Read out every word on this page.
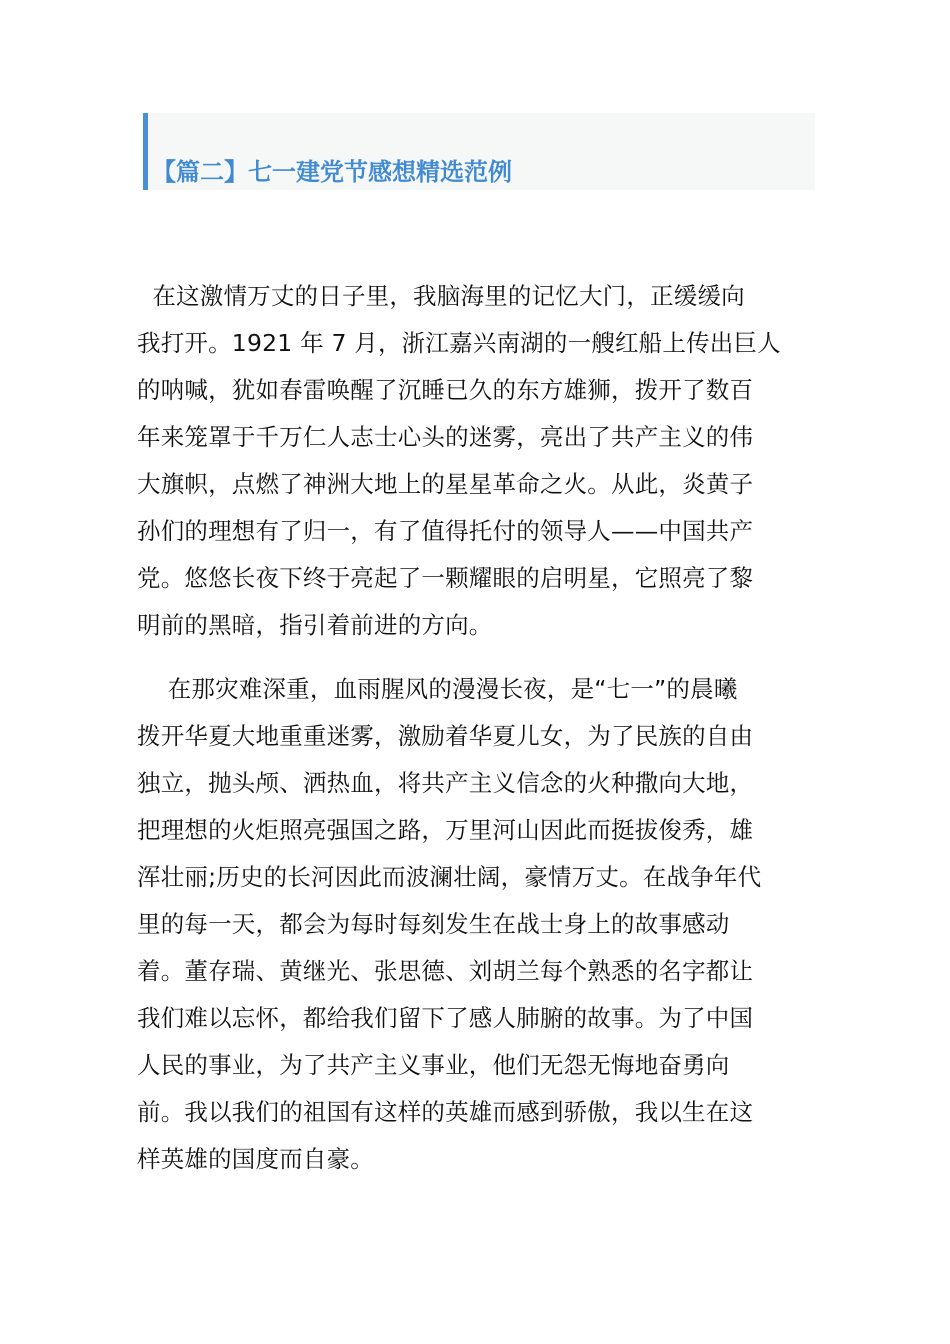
【篇二】七一建党节感想精选范例
在这激情万丈的日子里，我脑海里的记忆大门，正缓缓向
我打开。1921 年 7 月，浙江嘉兴南湖的一艘红船上传出巨人
的呐喊，犹如春雷唤醒了沉睡已久的东方雄狮，拨开了数百
年来笼罩于千万仁人志士心头的迷雾，亮出了共产主义的伟
大旗帜，点燃了神洲大地上的星星革命之火。从此，炎黄子
孙们的理想有了归一，有了值得托付的领导人——中国共产
党。悠悠长夜下终于亮起了一颗耀眼的启明星，它照亮了黎
明前的黑暗，指引着前进的方向。
在那灾难深重，血雨腥风的漫漫长夜，是“七一”的晨曦
拨开华夏大地重重迷雾，激励着华夏儿女，为了民族的自由
独立，抛头颅、洒热血，将共产主义信念的火种撒向大地，
把理想的火炬照亮强国之路，万里河山因此而挺拔俊秀，雄
浑壮丽;历史的长河因此而波澜壮阔，豪情万丈。在战争年代
里的每一天，都会为每时每刻发生在战士身上的故事感动
着。董存瑞、黄继光、张思德、刘胡兰每个熟悉的名字都让
我们难以忘怀，都给我们留下了感人肺腑的故事。为了中国
人民的事业，为了共产主义事业，他们无怨无悔地奋勇向
前。我以我们的祖国有这样的英雄而感到骄傲，我以生在这
样英雄的国度而自豪。
